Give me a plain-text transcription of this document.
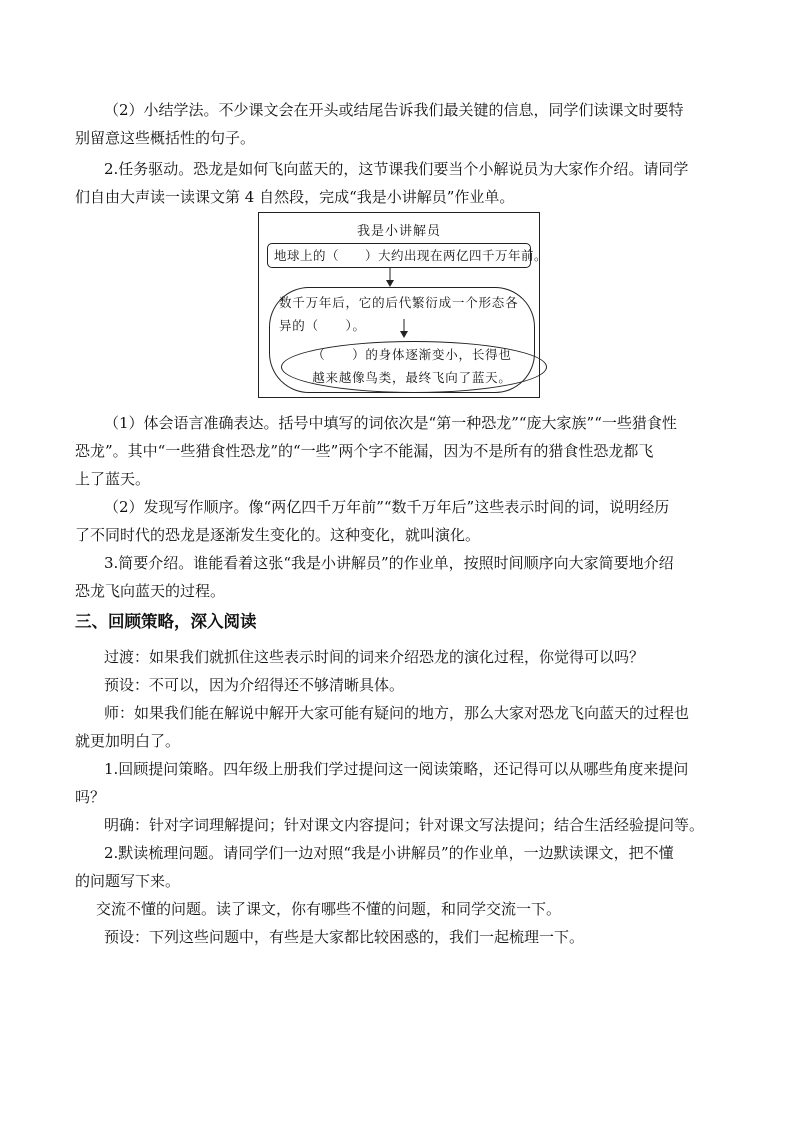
（2）小结学法。不少课文会在开头或结尾告诉我们最关键的信息，同学们读课文时要特

别留意这些概括性的句子。

2.任务驱动。恐龙是如何飞向蓝天的，这节课我们要当个小解说员为大家作介绍。请同学

们自由大声读一读课文第 4 自然段，完成“我是小讲解员”作业单。

我是小讲解员
地球上的（　　）大约出现在两亿四千万年前。
数千万年后，它的后代繁衍成一个形态各
异的（　　）。
（　　）的身体逐渐变小，长得也
越来越像鸟类，最终飞向了蓝天。

（1）体会语言准确表达。括号中填写的词依次是“第一种恐龙”“庞大家族”“一些猎食性

恐龙”。其中“一些猎食性恐龙”的“一些”两个字不能漏，因为不是所有的猎食性恐龙都飞

上了蓝天。

（2）发现写作顺序。像“两亿四千万年前”“数千万年后”这些表示时间的词，说明经历

了不同时代的恐龙是逐渐发生变化的。这种变化，就叫演化。

3.简要介绍。谁能看着这张“我是小讲解员”的作业单，按照时间顺序向大家简要地介绍

恐龙飞向蓝天的过程。

三、回顾策略，深入阅读

过渡：如果我们就抓住这些表示时间的词来介绍恐龙的演化过程，你觉得可以吗？

预设：不可以，因为介绍得还不够清晰具体。

师：如果我们能在解说中解开大家可能有疑问的地方，那么大家对恐龙飞向蓝天的过程也

就更加明白了。

1.回顾提问策略。四年级上册我们学过提问这一阅读策略，还记得可以从哪些角度来提问

吗？

明确：针对字词理解提问；针对课文内容提问；针对课文写法提问；结合生活经验提问等。

2.默读梳理问题。请同学们一边对照“我是小讲解员”的作业单，一边默读课文，把不懂

的问题写下来。

交流不懂的问题。读了课文，你有哪些不懂的问题，和同学交流一下。

预设：下列这些问题中，有些是大家都比较困惑的，我们一起梳理一下。
